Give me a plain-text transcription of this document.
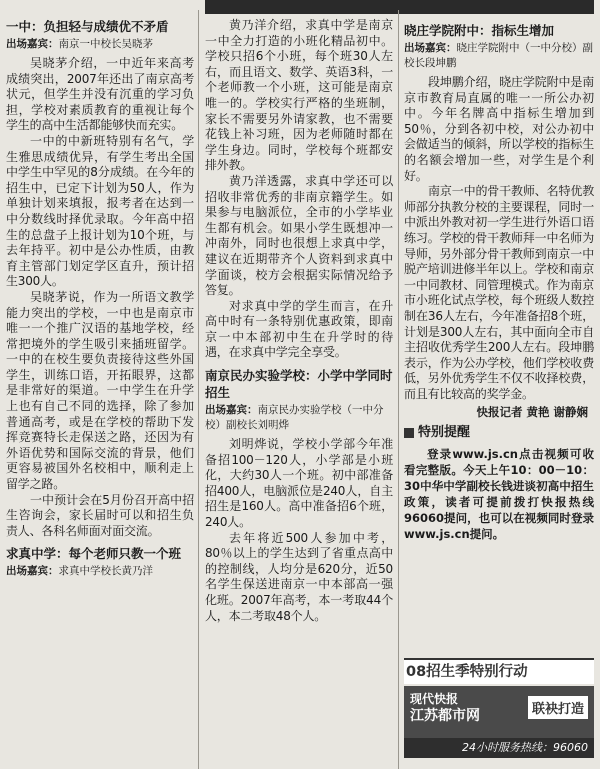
一中：负担轻与成绩优不矛盾
出场嘉宾：南京一中校长吴晓茅

吴晓茅介绍，一中近年来高考成绩突出，2007年还出了南京高考状元，但学生并没有沉重的学习负担，学校对素质教育的重视让每个学生的高中生活都能够快而充实。

一中的中新班特别有名气，学生雅思成绩优异，有学生考出全国中学生中罕见的8分成绩。在今年的招生中，已定下计划为50人，作为单独计划来填报，报考者在达到一中分数线时择优录取。今年高中招生的总盘子上报计划为10个班，与去年持平。初中是公办性质，由教育主管部门划定学区直升，预计招生300人。

吴晓茅说，作为一所语文教学能力突出的学校，一中也是南京市唯一一个推广汉语的基地学校，经常把境外的学生吸引来插班留学。一中的在校生要负责接待这些外国学生，训练口语，开拓眼界，这都是非常好的渠道。一中学生在升学上也有自己不同的选择，除了参加普通高考，或是在学校的帮助下发挥竞赛特长走保送之路，还因为有外语优势和国际交流的背景，他们更容易被国外名校相中，顺利走上留学之路。

一中预计会在5月份召开高中招生咨询会，家长届时可以和招生负责人、各科名师面对面交流。

求真中学：每个老师只教一个班
出场嘉宾：求真中学校长黄乃洋

黄乃洋介绍，求真中学是南京一中全力打造的小班化精品初中。学校只招6个小班，每个班30人左右，而且语文、数学、英语3科，一个老师教一个小班，这可能是南京唯一的。学校实行严格的坐班制，家长不需要另外请家教，也不需要花钱上补习班，因为老师随时都在学生身边。同时，学校每个班都安排外教。

黄乃洋透露，求真中学还可以招收非常优秀的非南京籍学生。如果参与电脑派位，全市的小学毕业生都有机会。如果小学生既想冲一冲南外，同时也很想上求真中学，建议在近期带齐个人资料到求真中学面谈，校方会根据实际情况给予答复。

对求真中学的学生而言，在升高中时有一条特别优惠政策，即南京一中本部初中生在升学时的待遇，在求真中学完全享受。

南京民办实验学校：小学中学同时招生
出场嘉宾：南京民办实验学校（一中分校）副校长刘明烨

刘明烨说，学校小学部今年准备招100－120人，小学部是小班化，大约30人一个班。初中部准备招400人，电脑派位是240人，自主招生是160人。高中准备招6个班，240人。

去年将近500人参加中考，80％以上的学生达到了省重点高中的控制线，人均分是620分，近50名学生保送进南京一中本部高一强化班。2007年高考，本一考取44个人，本二考取48个人。

晓庄学院附中：指标生增加
出场嘉宾：晓庄学院附中（一中分校）副校长段坤鹏

段坤鹏介绍，晓庄学院附中是南京市教育局直属的唯一一所公办初中。今年名牌高中指标生增加到50％，分到各初中校，对公办初中会做适当的倾斜，所以学校的指标生的名额会增加一些，对学生是个利好。

南京一中的骨干教师、名特优教师部分执教分校的主要课程，同时一中派出外教对初一学生进行外语口语练习。学校的骨干教师拜一中名师为导师，另外部分骨干教师到南京一中脱产培训进修半年以上。学校和南京一中同教材、同管理模式。作为南京市小班化试点学校，每个班级人数控制在36人左右，今年准备招8个班，计划是300人左右，其中面向全市自主招收优秀学生200人左右。段坤鹏表示，作为公办学校，他们学校收费低，另外优秀学生不仅不收择校费，而且有比较高的奖学金。

快报记者 黄艳 谢静娴
特别提醒

登录www.js.cn点击视频可收看完整版。今天上午10：00－10：30中华中学副校长钱进谈初高中招生政策，读者可提前拨打快报热线96060提问，也可以在视频同时登录www.js.cn提问。

08招生季特别行动
现代快报
江苏都市网	联袂打造
24小时服务热线：96060
